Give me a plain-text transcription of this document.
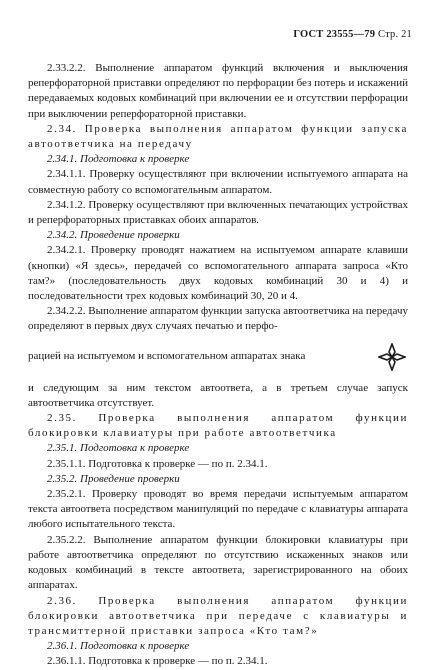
ГОСТ 23555—79 Стр. 21

2.33.2.2. Выполнение аппаратом функций включения и выключения реперфораторной приставки определяют по перфорации без потерь и искажений передаваемых кодовых комбинаций при включении ее и отсутствии перфорации при выключении реперфораторной приставки.

2.34. Проверка выполнения аппаратом функции запуска автоответчика на передачу

2.34.1. Подготовка к проверке

2.34.1.1. Проверку осуществляют при включении испытуемого аппарата на совместную работу со вспомогательным аппаратом.

2.34.1.2. Проверку осуществляют при включенных печатающих устройствах и реперфораторных приставках обоих аппаратов.

2.34.2. Проведение проверки

2.34.2.1. Проверку проводят нажатием на испытуемом аппарате клавиши (кнопки) «Я здесь», передачей со вспомогательного аппарата запроса «Кто там?» (последовательность двух кодовых комбинаций 30 и 4) и последовательности трех кодовых комбинаций 30, 20 и 4.

2.34.2.2. Выполнение аппаратом функции запуска автоответчика на передачу определяют в первых двух случаях печатью и перфо-

рацией на испытуемом и вспомогательном аппаратах знака

и следующим за ним текстом автоответа, а в третьем случае запуск автоответчика отсутствует.

2.35. Проверка выполнения аппаратом функции блокировки клавиатуры при работе автоответчика

2.35.1. Подготовка к проверке

2.35.1.1. Подготовка к проверке — по п. 2.34.1.

2.35.2. Проведение проверки

2.35.2.1. Проверку проводят во время передачи испытуемым аппаратом текста автоответа посредством манипуляций по передаче с клавиатуры аппарата любого испытательного текста.

2.35.2.2. Выполнение аппаратом функции блокировки клавиатуры при работе автоответчика определяют по отсутствию искаженных знаков или кодовых комбинаций в тексте автоответа, зарегистрированного на обоих аппаратах.

2.36. Проверка выполнения аппаратом функции блокировки автоответчика при передаче с клавиатуры и трансмиттерной приставки запроса «Кто там?»

2.36.1. Подготовка к проверке

2.36.1.1. Подготовка к проверке — по п. 2.34.1.
